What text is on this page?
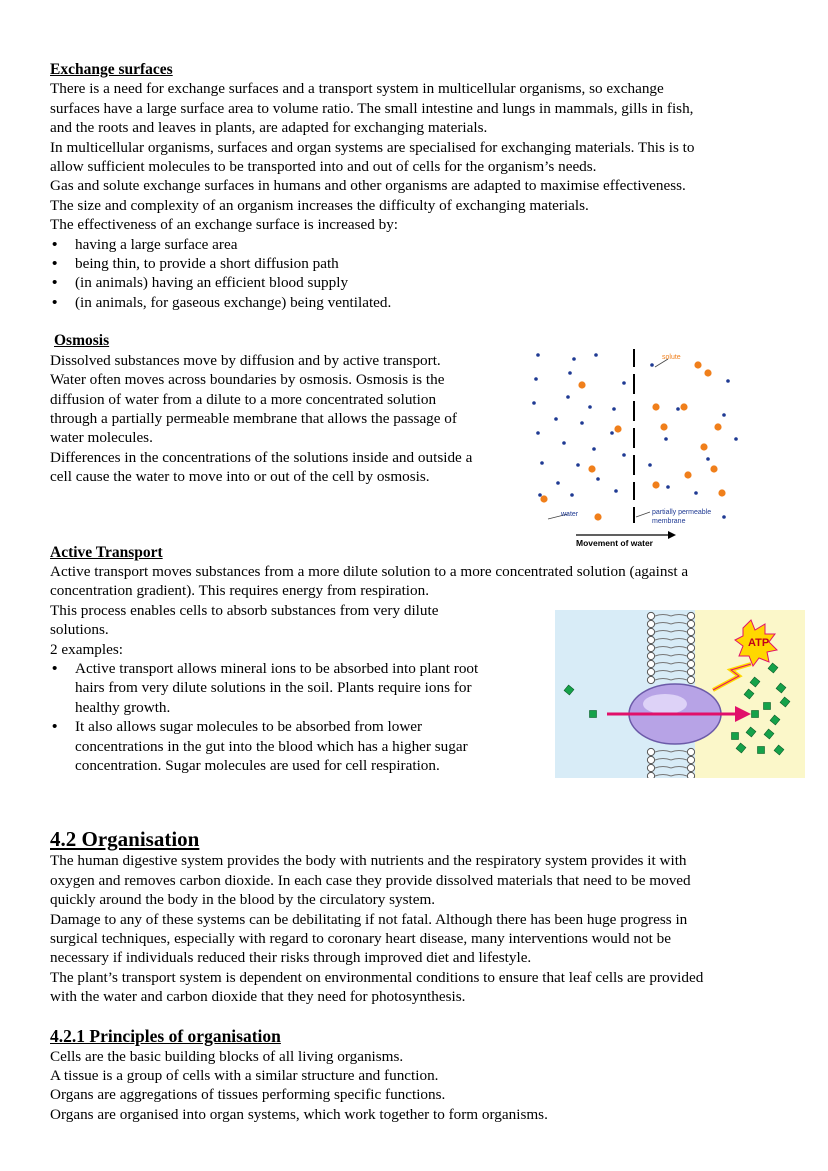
Exchange surfaces

There is a need for exchange surfaces and a transport system in multicellular organisms, so exchange

surfaces have a large surface area to volume ratio. The small intestine and lungs in mammals, gills in fish,

and the roots and leaves in plants, are adapted for exchanging materials.

In multicellular organisms, surfaces and organ systems are specialised for exchanging materials. This is to

allow sufficient molecules to be transported into and out of cells for the organism’s needs.

Gas and solute exchange surfaces in humans and other organisms are adapted to maximise effectiveness.

The size and complexity of an organism increases the difficulty of exchanging materials.

The effectiveness of an exchange surface is increased by:

• having a large surface area
• being thin, to provide a short diffusion path
• (in animals) having an efficient blood supply
• (in animals, for gaseous exchange) being ventilated.

Osmosis

Dissolved substances move by diffusion and by active transport.

Water often moves across boundaries by osmosis. Osmosis is the

diffusion of water from a dilute to a more concentrated solution

through a partially permeable membrane that allows the passage of

water molecules.

Differences in the concentrations of the solutions inside and outside a

cell cause the water to move into or out of the cell by osmosis.

Active Transport

Active transport moves substances from a more dilute solution to a more concentrated solution (against a

concentration gradient). This requires energy from respiration.

This process enables cells to absorb substances from very dilute

solutions.

2 examples:

• Active transport allows mineral ions to be absorbed into plant root
hairs from very dilute solutions in the soil. Plants require ions for
healthy growth.
• It also allows sugar molecules to be absorbed from lower
concentrations in the gut into the blood which has a higher sugar
concentration. Sugar molecules are used for cell respiration.

4.2 Organisation

The human digestive system provides the body with nutrients and the respiratory system provides it with

oxygen and removes carbon dioxide. In each case they provide dissolved materials that need to be moved

quickly around the body in the blood by the circulatory system.

Damage to any of these systems can be debilitating if not fatal. Although there has been huge progress in

surgical techniques, especially with regard to coronary heart disease, many interventions would not be

necessary if individuals reduced their risks through improved diet and lifestyle.

The plant’s transport system is dependent on environmental conditions to ensure that leaf cells are provided

with the water and carbon dioxide that they need for photosynthesis.

4.2.1 Principles of organisation

Cells are the basic building blocks of all living organisms.

A tissue is a group of cells with a similar structure and function.

Organs are aggregations of tissues performing specific functions.

Organs are organised into organ systems, which work together to form organisms.

solute
water	partially permeable
membrane
Movement of water
ATP
